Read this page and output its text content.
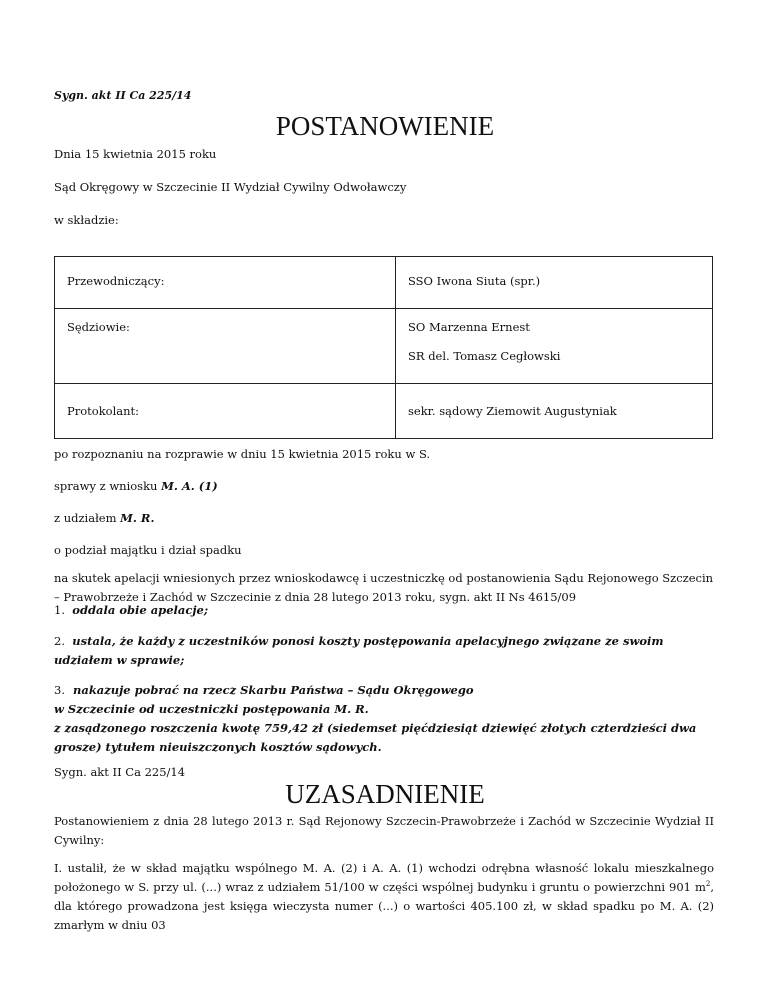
Sygn. akt II Ca 225/14
POSTANOWIENIE
Dnia 15 kwietnia 2015 roku
Sąd Okręgowy w Szczecinie II Wydział Cywilny Odwoławczy
w składzie:
Przewodniczący:	SSO Iwona Siuta (spr.)

Sędziowie:	SO Marzenna Ernest
SR del. Tomasz Cegłowski

Protokolant:	sekr. sądowy Ziemowit Augustyniak
po rozpoznaniu na rozprawie w dniu 15 kwietnia 2015 roku w S.
sprawy z wniosku M. A. (1)
z udziałem M. R.
o podział majątku i dział spadku
na skutek apelacji wniesionych przez wnioskodawcę i uczestniczkę od postanowienia Sądu Rejonowego Szczecin – Prawobrzeże i Zachód w Szczecinie z dnia 28 lutego 2013 roku, sygn. akt II Ns 4615/09
1. oddala obie apelacje;
2. ustala, że każdy z uczestników ponosi koszty postępowania apelacyjnego związane ze swoim udziałem w sprawie;
3. nakazuje pobrać na rzecz Skarbu Państwa – Sądu Okręgowego
w Szczecinie od uczestniczki postępowania M. R.
z zasądzonego roszczenia kwotę 759,42 zł (siedemset pięćdziesiąt dziewięć złotych czterdzieści dwa grosze) tytułem nieuiszczonych kosztów sądowych.
Sygn. akt II Ca 225/14
UZASADNIENIE
Postanowieniem z dnia 28 lutego 2013 r. Sąd Rejonowy Szczecin-Prawobrzeże i Zachód w Szczecinie Wydział II Cywilny:
I. ustalił, że w skład majątku wspólnego M. A. (2) i A. A. (1) wchodzi odrębna własność lokalu mieszkalnego położonego w S. przy ul. (...) wraz z udziałem 51/100 w części wspólnej budynku i gruntu o powierzchni 901 $m^2$, dla którego prowadzona jest księga wieczysta numer (...) o wartości 405.100 zł, w skład spadku po M. A. (2) zmarłym w dniu 03
